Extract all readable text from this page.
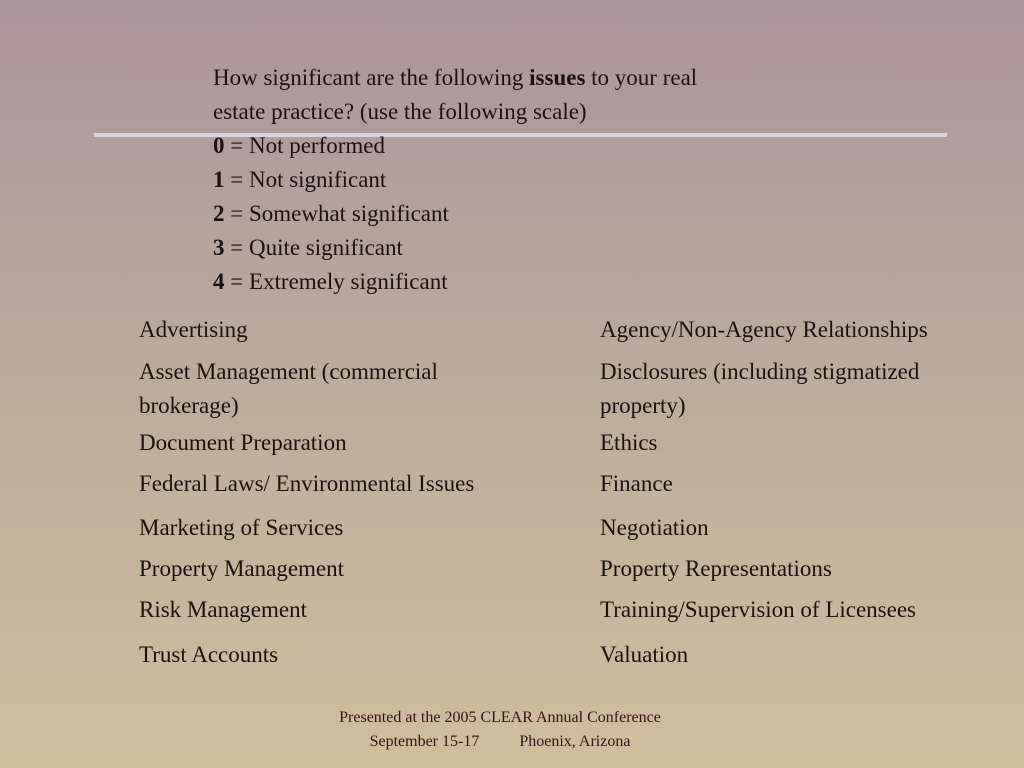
How significant are the following issues to your real
estate practice? (use the following scale)
0 = Not performed
1 = Not significant
2 = Somewhat significant
3 = Quite significant
4 = Extremely significant
Advertising
Asset Management (commercial
brokerage)
Document Preparation
Federal Laws/ Environmental Issues
Marketing of Services
Property Management
Risk Management
Trust Accounts
Agency/Non-Agency Relationships
Disclosures (including stigmatized
property)
Ethics
Finance
Negotiation
Property Representations
Training/Supervision of Licensees
Valuation
Presented at the 2005 CLEAR Annual Conference
September 15-17	Phoenix, Arizona
